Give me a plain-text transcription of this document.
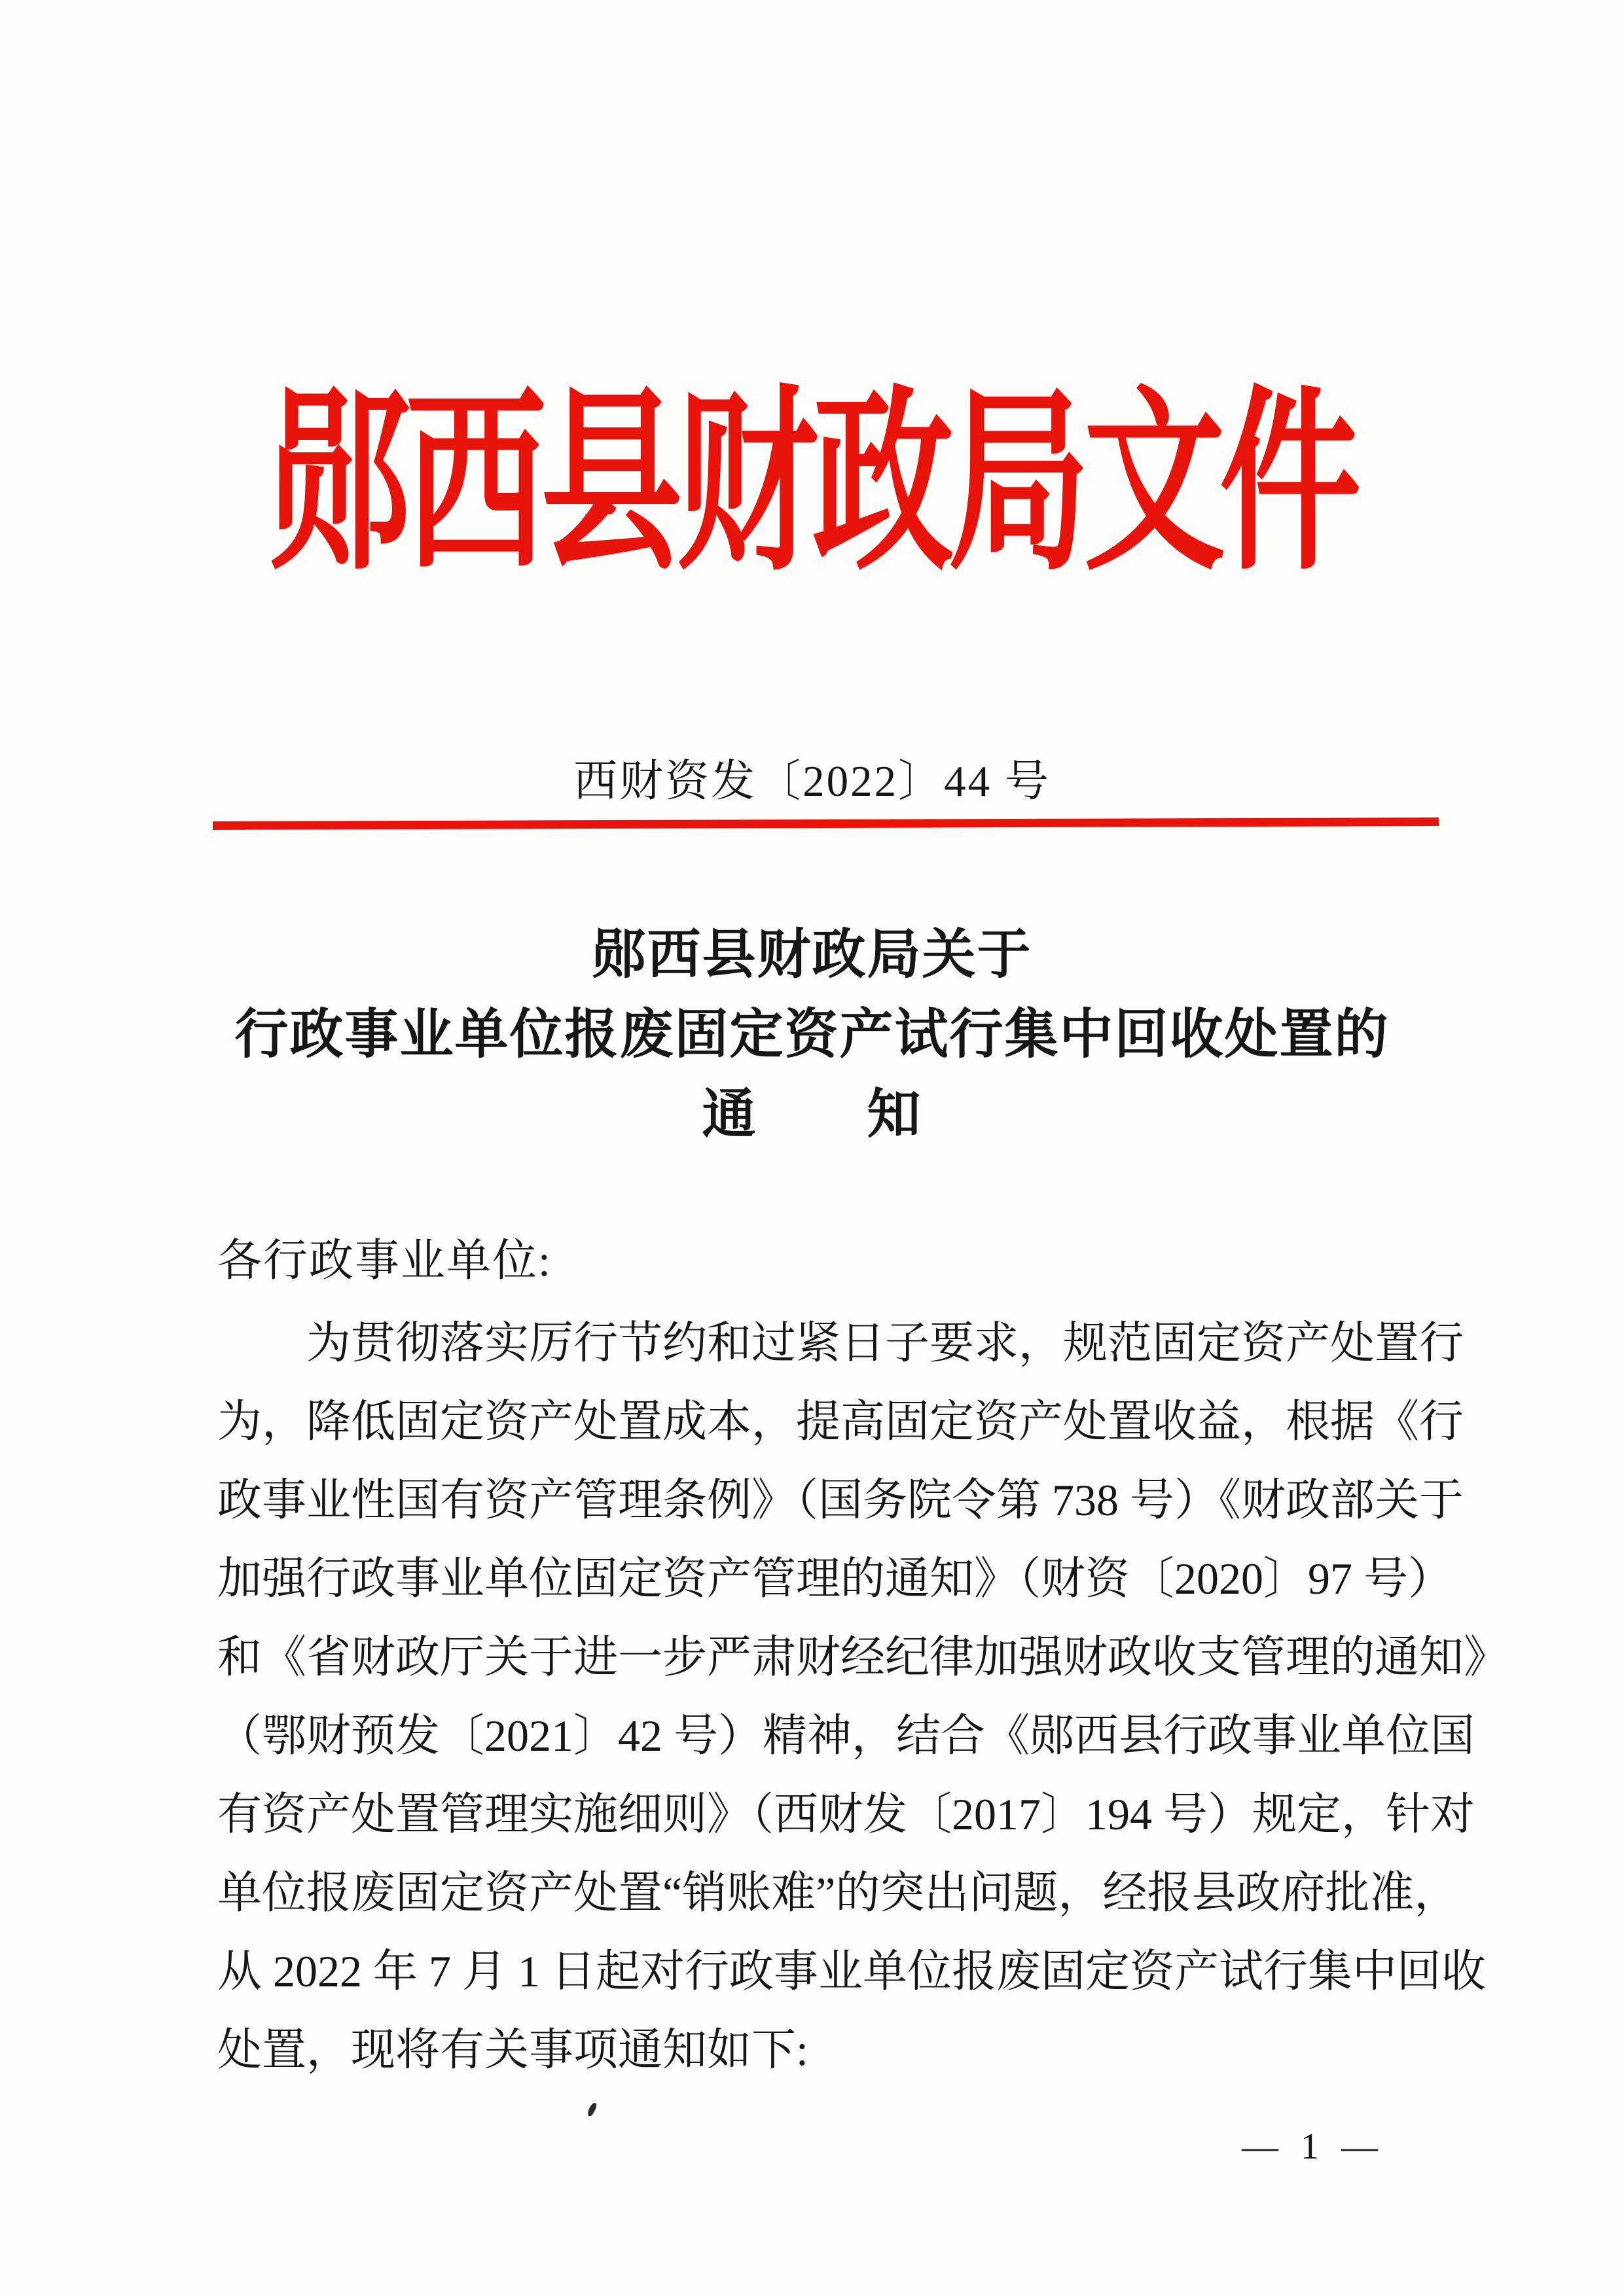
郧西县财政局文件
西财资发〔2022〕44 号
郧西县财政局关于
行政事业单位报废固定资产试行集中回收处置的
通　　知
各行政事业单位:
为贯彻落实厉行节约和过紧日子要求，规范固定资产处置行
为，降低固定资产处置成本，提高固定资产处置收益，根据《行
政事业性国有资产管理条例》（国务院令第 738 号）《财政部关于
加强行政事业单位固定资产管理的通知》（财资〔2020〕97 号）
和《省财政厅关于进一步严肃财经纪律加强财政收支管理的通知》
（鄂财预发〔2021〕42 号）精神，结合《郧西县行政事业单位国
有资产处置管理实施细则》（西财发〔2017〕194 号）规定，针对
单位报废固定资产处置“销账难”的突出问题，经报县政府批准，
从 2022 年 7 月 1 日起对行政事业单位报废固定资产试行集中回收
处置，现将有关事项通知如下:
— 1 —
